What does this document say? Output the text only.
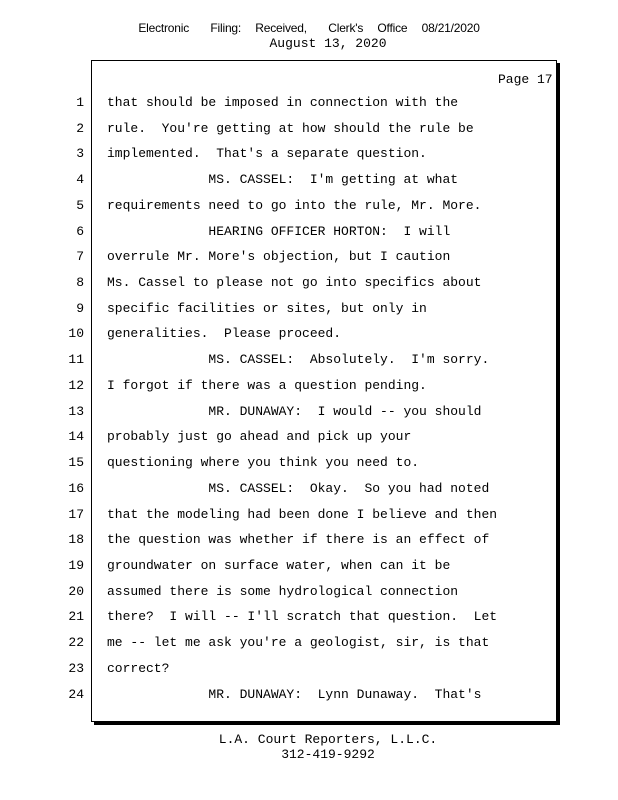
Electronic   Filing:  Received,   Clerk's  Office  08/21/2020
August 13, 2020
Page 17
1 that should be imposed in connection with the
2 rule.  You're getting at how should the rule be
3 implemented.  That's a separate question.
4 MS. CASSEL:  I'm getting at what
5 requirements need to go into the rule, Mr. More.
6 HEARING OFFICER HORTON:  I will
7 overrule Mr. More's objection, but I caution
8 Ms. Cassel to please not go into specifics about
9 specific facilities or sites, but only in
10 generalities.  Please proceed.
11 MS. CASSEL:  Absolutely.  I'm sorry.
12 I forgot if there was a question pending.
13 MR. DUNAWAY:  I would -- you should
14 probably just go ahead and pick up your
15 questioning where you think you need to.
16 MS. CASSEL:  Okay.  So you had noted
17 that the modeling had been done I believe and then
18 the question was whether if there is an effect of
19 groundwater on surface water, when can it be
20 assumed there is some hydrological connection
21 there?  I will -- I'll scratch that question.  Let
22 me -- let me ask you're a geologist, sir, is that
23 correct?
24 MR. DUNAWAY:  Lynn Dunaway.  That's
L.A. Court Reporters, L.L.C.
312-419-9292
